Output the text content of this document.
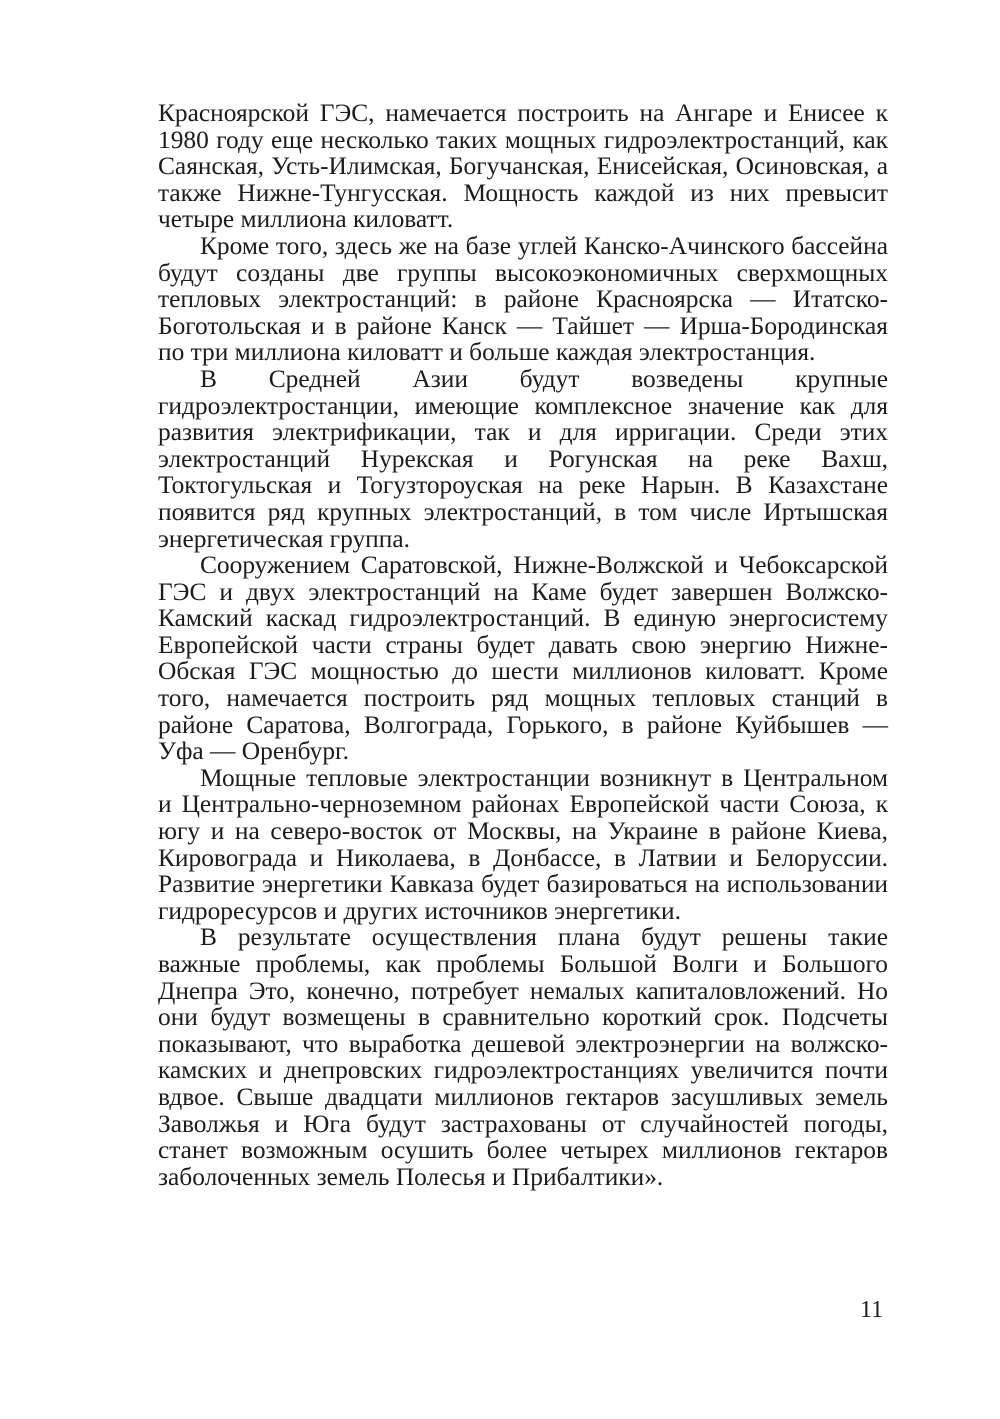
Красноярской ГЭС, намечается построить на Ангаре и Енисее к 1980 году еще несколько таких мощных гидроэлектростанций, как Саянская, Усть-Илимская, Богучанская, Енисейская, Осиновская, а также Нижне-Тунгусская. Мощность каждой из них превысит четыре миллиона киловатт.

Кроме того, здесь же на базе углей Канско-Ачинского бассейна будут созданы две группы высокоэкономичных сверхмощных тепловых электростанций: в районе Красноярска — Итатско-Боготольская и в районе Канск — Тайшет — Ирша-Бородинская по три миллиона киловатт и больше каждая электростанция.

В Средней Азии будут возведены крупные гидроэлектростанции, имеющие комплексное значение как для развития электрификации, так и для ирригации. Среди этих электростанций Нурекская и Рогунская на реке Вахш, Токтогульская и Тогузтороуская на реке Нарын. В Казахстане появится ряд крупных электростанций, в том числе Иртышская энергетическая группа.

Сооружением Саратовской, Нижне-Волжской и Чебоксарской ГЭС и двух электростанций на Каме будет завершен Волжско-Камский каскад гидроэлектростанций. В единую энергосистему Европейской части страны будет давать свою энергию Нижне-Обская ГЭС мощностью до шести миллионов киловатт. Кроме того, намечается построить ряд мощных тепловых станций в районе Саратова, Волгограда, Горького, в районе Куйбышев — Уфа — Оренбург.

Мощные тепловые электростанции возникнут в Центральном и Центрально-черноземном районах Европейской части Союза, к югу и на северо-восток от Москвы, на Украине в районе Киева, Кировограда и Николаева, в Донбассе, в Латвии и Белоруссии. Развитие энергетики Кавказа будет базироваться на использовании гидроресурсов и других источников энергетики.

В результате осуществления плана будут решены такие важные проблемы, как проблемы Большой Волги и Большого Днепра Это, конечно, потребует немалых капиталовложений. Но они будут возмещены в сравнительно короткий срок. Подсчеты показывают, что выработка дешевой электроэнергии на волжско-камских и днепровских гидроэлектростанциях увеличится почти вдвое. Свыше двадцати миллионов гектаров засушливых земель Заволжья и Юга будут застрахованы от случайностей погоды, станет возможным осушить более четырех миллионов гектаров заболоченных земель Полесья и Прибалтики».

11
